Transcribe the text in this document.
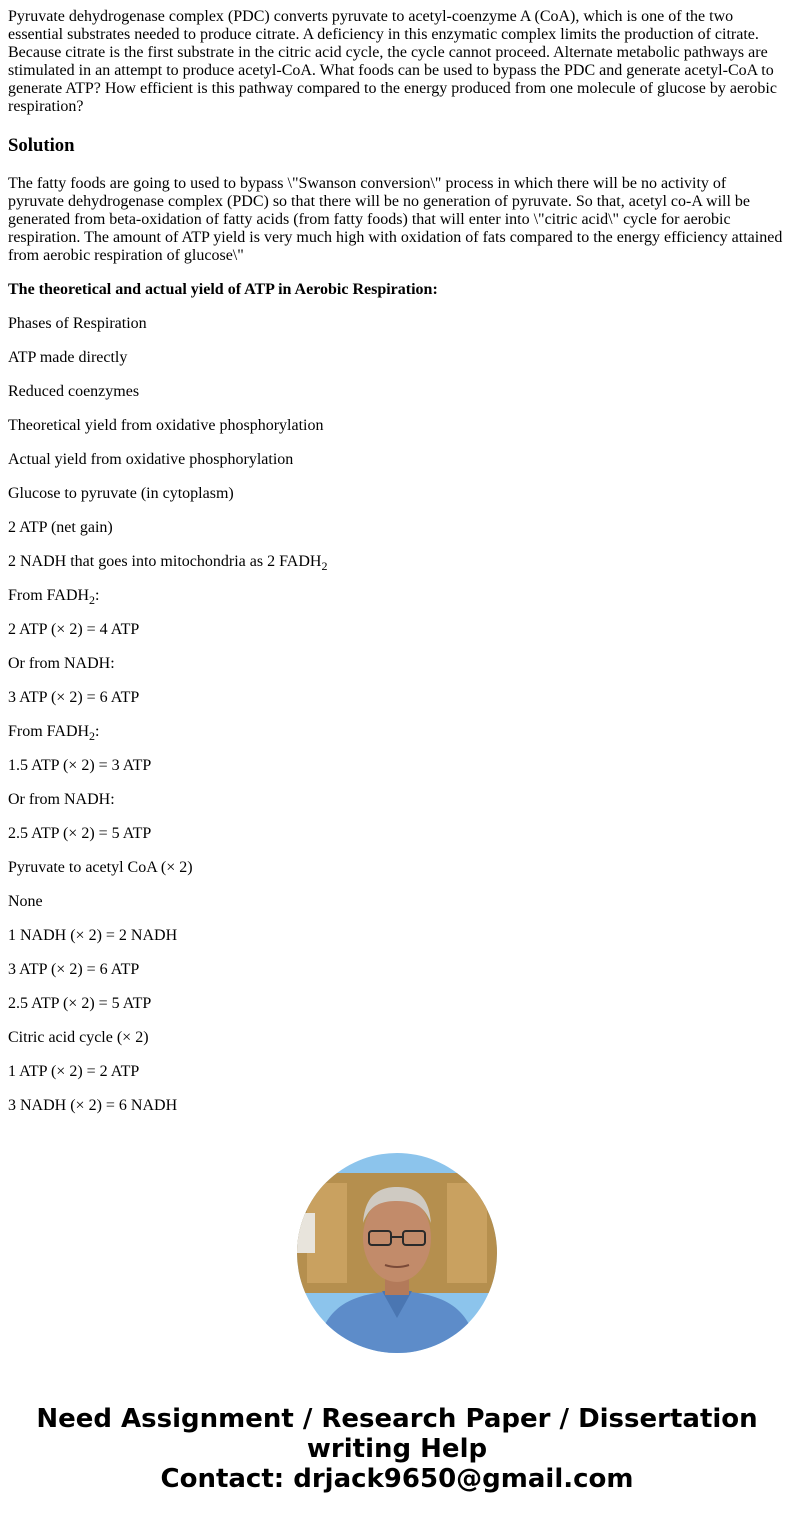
Pyruvate dehydrogenase complex (PDC) converts pyruvate to acetyl-coenzyme A (CoA), which is one of the two essential substrates needed to produce citrate. A deficiency in this enzymatic complex limits the production of citrate. Because citrate is the first substrate in the citric acid cycle, the cycle cannot proceed. Alternate metabolic pathways are stimulated in an attempt to produce acetyl-CoA. What foods can be used to bypass the PDC and generate acetyl-CoA to generate ATP? How efficient is this pathway compared to the energy produced from one molecule of glucose by aerobic respiration?

Solution

The fatty foods are going to used to bypass \"Swanson conversion\" process in which there will be no activity of pyruvate dehydrogenase complex (PDC) so that there will be no generation of pyruvate. So that, acetyl co-A will be generated from beta-oxidation of fatty acids (from fatty foods) that will enter into \"citric acid\" cycle for aerobic respiration. The amount of ATP yield is very much high with oxidation of fats compared to the energy efficiency attained from aerobic respiration of glucose\"

The theoretical and actual yield of ATP in Aerobic Respiration:

Phases of Respiration

ATP made directly

Reduced coenzymes

Theoretical yield from oxidative phosphorylation

Actual yield from oxidative phosphorylation

Glucose to pyruvate (in cytoplasm)

2 ATP (net gain)

2 NADH that goes into mitochondria as 2 $FADH_2$

From $FADH_2$:

2 ATP (× 2) = 4 ATP

Or from NADH:

3 ATP (× 2) = 6 ATP

From $FADH_2$:

1.5 ATP (× 2) = 3 ATP

Or from NADH:

2.5 ATP (× 2) = 5 ATP

Pyruvate to acetyl CoA (× 2)

None

1 NADH (× 2) = 2 NADH

3 ATP (× 2) = 6 ATP

2.5 ATP (× 2) = 5 ATP

Citric acid cycle (× 2)

1 ATP (× 2) = 2 ATP

3 NADH (× 2) = 6 NADH

Need Assignment / Research Paper / Dissertation
writing Help
Contact: drjack9650@gmail.com
